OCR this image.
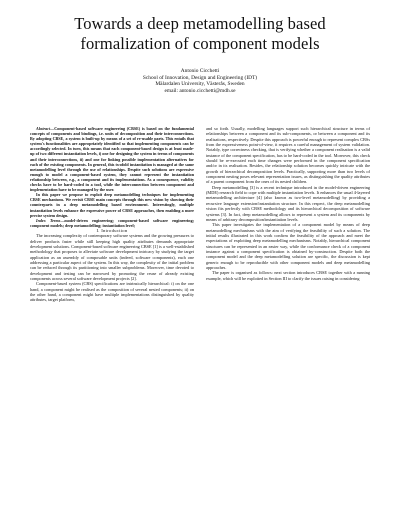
Towards a deep metamodelling based formalization of component models
Antonio Cicchetti
School of Innovation, Design and Engineering (IDT)
Mälardalen University, Västerås, Sweden
email: antonio.cicchetti@mdh.se

Abstract—Component-based software engineering (CBSE) is based on the fundamental concepts of components and bindings, i.e. units of decomposition and their interconnections. By adopting CBSE, a system is built-up by means of a set of re-usable parts. This entails that system's functionalities are appropriately identified so that implementing components can be accordingly selected. In turn, this means that each component-based design is at least made-up of two different instantiation levels, i) one for designing the system in terms of components and their interconnections, ii) and one for linking possible implementation alternatives for each of the existing components. In general, this twofold instantiation is managed at the same metamodelling level through the use of relationships. Despite such solutions are expressive enough to model a component-based system, they cannot represent the instantiation relationship between, e.g., a component and its implementations. As a consequence, validity checks have to be hard-coded in a tool, while the interconnection between component and implementation have to be managed by the user.

In this paper we propose to exploit deep metamodelling techniques for implementing CBSE mechanisms. We revisit CBSE main concepts through this new vision by showing their counterparts in a deep metamodelling based environment. Interestingly, multiple instantiation levels enhance the expressive power of CBSE approaches, then enabling a more precise system design.

Index Terms—model-driven engineering; component-based software engineering; component models; deep metamodelling; instantiation level;

I. Introduction

The increasing complexity of contemporary software systems and the growing pressures to deliver products faster while still keeping high quality attributes demands appropriate development solutions. Component-based software engineering CBSE [1] is a well-established methodology that proposes to alleviate software development intricacy by studying the target application as an assembly of composable units (indeed, software components), each one addressing a particular aspect of the system. In this way, the complexity of the initial problem can be reduced through its partitioning into smaller subproblems. Moreover, time devoted to development and testing can be narrowed by promoting the reuse of already existing components across several software development projects [2].

Component-based system (CBS) specifications are intrinsically hierarchical: i) on the one hand, a component might be realised as the composition of several nested components; ii) on the other hand, a component might have multiple implementations distinguished by quality attributes, target platform,

and so forth. Usually, modelling languages support such hierarchical structure in terms of relationships between a component and its sub-components, or between a component and its realisations, respectively. Despite this approach is powerful enough to represent complex CBSs from the expressiveness point-of-view, it requires a careful management of system validation. Notably, type correctness checking, that is verifying whether a component realisation is a valid instance of the component specification, has to be hard-coded in the tool. Moreover, this check should be re-executed each time changes were performed in the component specification and/or in its realisation. Besides, the relationship solution becomes quickly intricate with the growth of hierarchical decomposition levels. Practically, supporting more than two levels of component nesting poses relevant representation issues, as distinguishing the quality attributes of a parent component from the ones of its nested children.

Deep metamodelling [3] is a recent technique introduced in the model-driven engineering (MDE) research field to cope with multiple instantiation levels. It enhances the usual 4-layered metamodelling architecture [4] (also known as two-level metamodelling) by providing a recursive language extension/instantiation structure. In this respect, the deep metamodelling vision fits perfectly with CBSE methodology and its hierarchical decomposition of software systems [3]. In fact, deep metamodelling allows to represent a system and its components by means of arbitrary decomposition/instantiation levels.

This paper investigates the implementation of a component model by means of deep metamodelling mechanisms with the aim of verifying the feasibility of such a solution. The initial results illustrated in this work confirm the feasibility of the approach and meet the expectations of exploiting deep metamodelling mechanisms. Notably, hierarchical component structures can be represented in an easier way, while the conformance check of a component instance against a component specification is obtained by-construction. Despite both the component model and the deep metamodelling solution are specific, the discussion is kept generic enough to be reproducible with other component models and deep metamodelling approaches.

The paper is organised as follows: next section introduces CBSE together with a running example, which will be exploited in Section III to clarify the issues raising in considering
